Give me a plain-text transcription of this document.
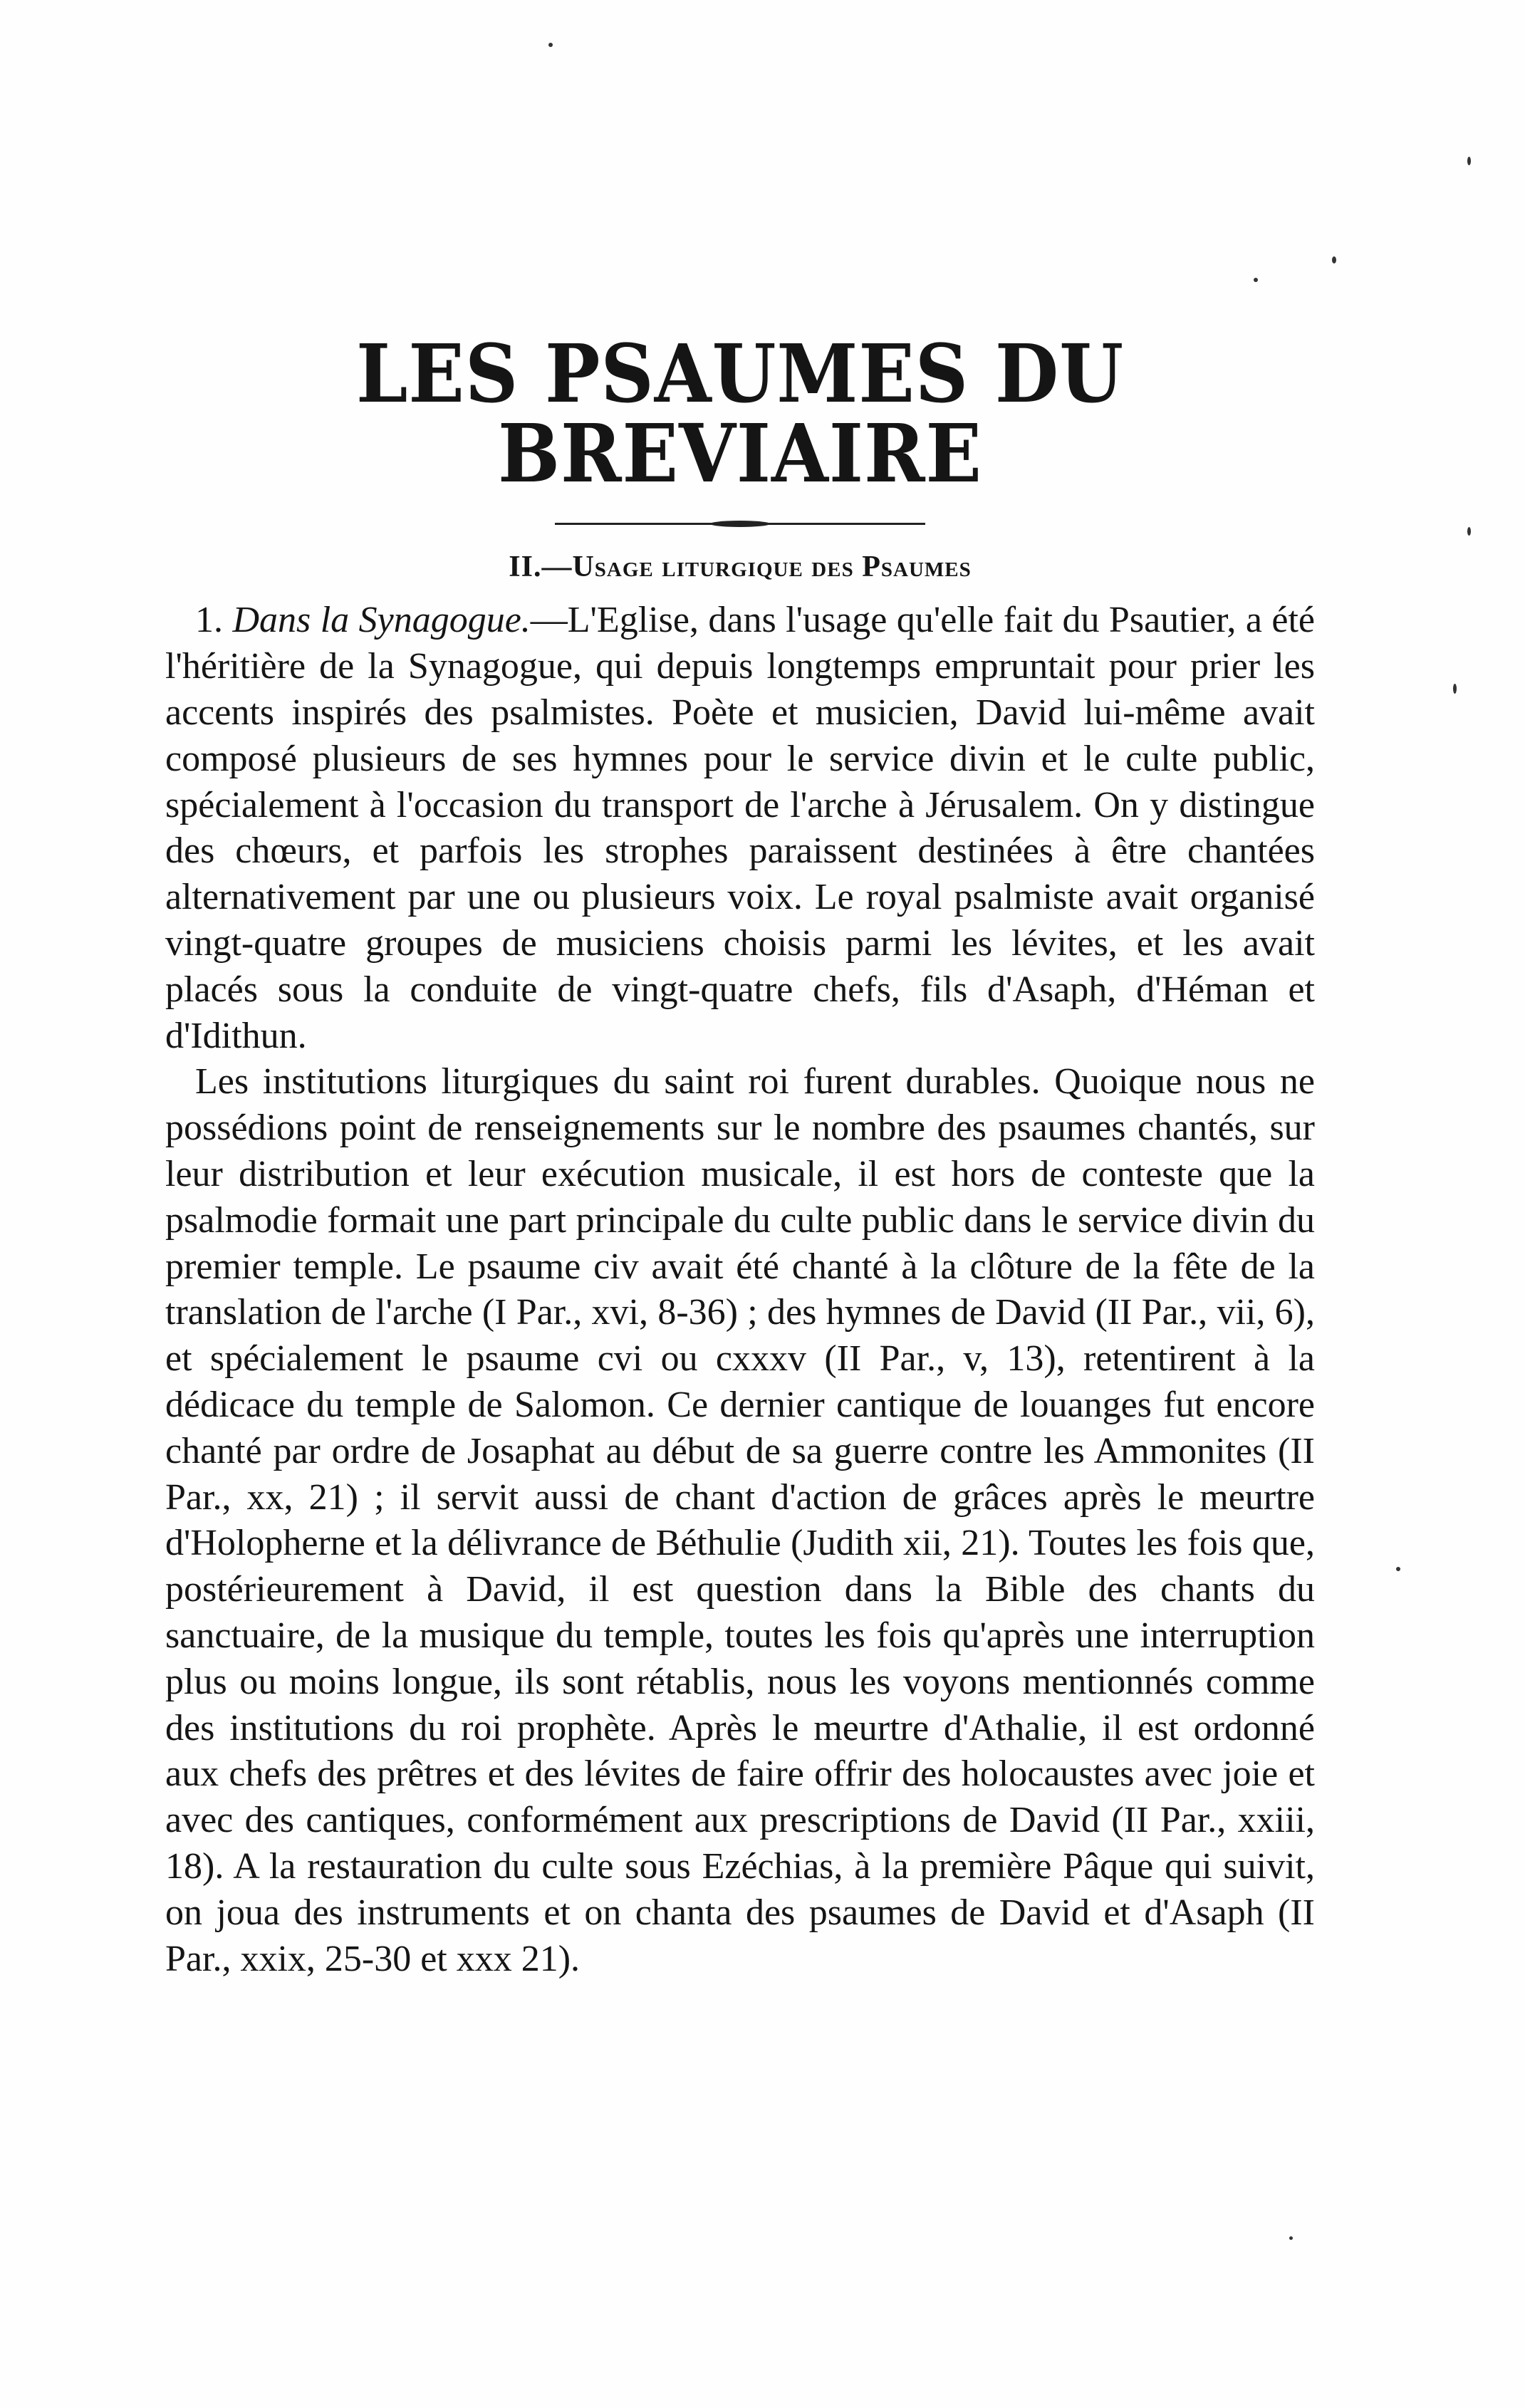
LES PSAUMES DU BREVIAIRE
II.—Usage liturgique des Psaumes

1. Dans la Synagogue.—L'Eglise, dans l'usage qu'elle fait du Psautier, a été l'héritière de la Synagogue, qui depuis longtemps empruntait pour prier les accents inspirés des psalmistes. Poète et musicien, David lui-même avait composé plusieurs de ses hymnes pour le service divin et le culte public, spécialement à l'occasion du transport de l'arche à Jérusalem. On y distingue des chœurs, et parfois les strophes paraissent destinées à être chantées alternativement par une ou plusieurs voix. Le royal psalmiste avait organisé vingt-quatre groupes de musiciens choisis parmi les lévites, et les avait placés sous la conduite de vingt-quatre chefs, fils d'Asaph, d'Héman et d'Idithun.

Les institutions liturgiques du saint roi furent durables. Quoique nous ne possédions point de renseignements sur le nombre des psaumes chantés, sur leur distribution et leur exécution musicale, il est hors de conteste que la psalmodie formait une part principale du culte public dans le service divin du premier temple. Le psaume civ avait été chanté à la clôture de la fête de la translation de l'arche (I Par., xvi, 8-36) ; des hymnes de David (II Par., vii, 6), et spécialement le psaume cvi ou cxxxv (II Par., v, 13), retentirent à la dédicace du temple de Salomon. Ce dernier cantique de louanges fut encore chanté par ordre de Josaphat au début de sa guerre contre les Ammonites (II Par., xx, 21) ; il servit aussi de chant d'action de grâces après le meurtre d'Holopherne et la délivrance de Béthulie (Judith xii, 21). Toutes les fois que, postérieurement à David, il est question dans la Bible des chants du sanctuaire, de la musique du temple, toutes les fois qu'après une interruption plus ou moins longue, ils sont rétablis, nous les voyons mentionnés comme des institutions du roi prophète. Après le meurtre d'Athalie, il est ordonné aux chefs des prêtres et des lévites de faire offrir des holocaustes avec joie et avec des cantiques, conformément aux prescriptions de David (II Par., xxiii, 18). A la restauration du culte sous Ezéchias, à la première Pâque qui suivit, on joua des instruments et on chanta des psaumes de David et d'Asaph (II Par., xxix, 25-30 et xxx 21).
